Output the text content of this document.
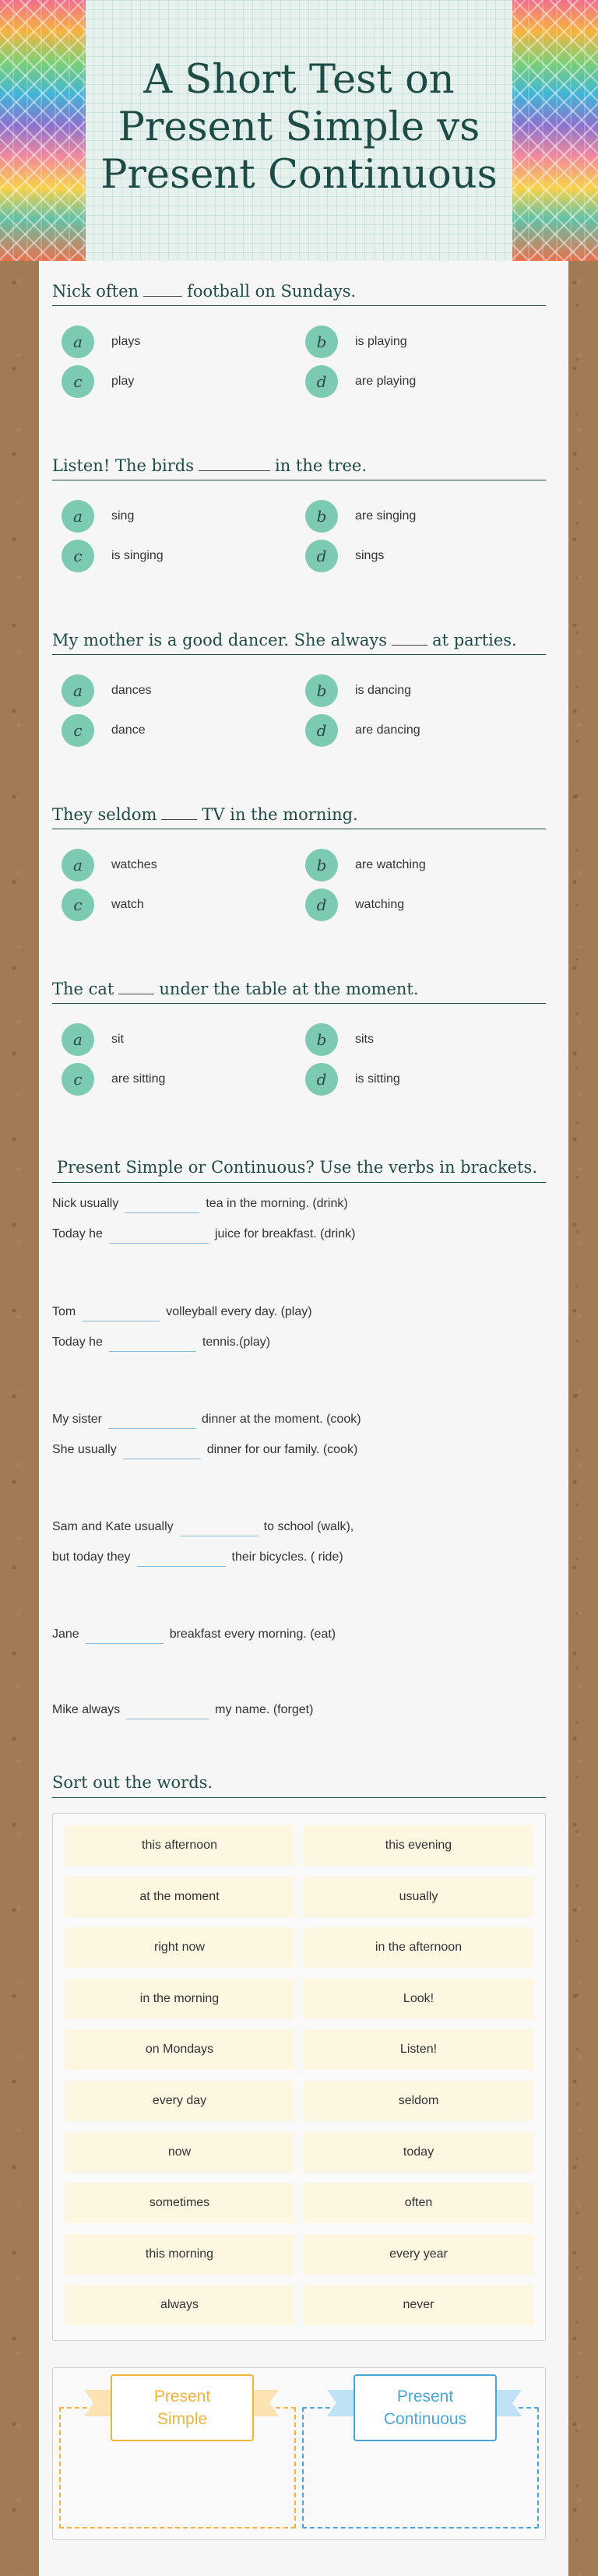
A Short Test on
Present Simple vs
Present Continuous
Nick often	football on Sundays.
a	plays	b	is playing
c	play	d	are playing
Listen! The birds	in the tree.
a	sing	b	are singing
c	is singing	d	sings
My mother is a good dancer. She always	at parties.
a	dances	b	is dancing
c	dance	d	are dancing
They seldom	TV in the morning.
a	watches	b	are watching
c	watch	d	watching
The cat	under the table at the moment.
a	sit	b	sits
c	are sitting	d	is sitting
Present Simple or Continuous? Use the verbs in brackets.
Nick usually	tea in the morning. (drink)
Today he	juice for breakfast. (drink)
Tom	volleyball every day. (play)
Today he	tennis.(play)
My sister	dinner at the moment. (cook)
She usually	dinner for our family. (cook)
Sam and Kate usually	to school (walk),
but today they	their bicycles. ( ride)
Jane	breakfast every morning. (eat)
Mike always	my name. (forget)
Sort out the words.
this afternoon	this evening
at the moment	usually
right now	in the afternoon
in the morning	Look!
on Mondays	Listen!
every day	seldom
now	today
sometimes	often
this morning	every year
always	never
Present
Simple
Present
Continuous
